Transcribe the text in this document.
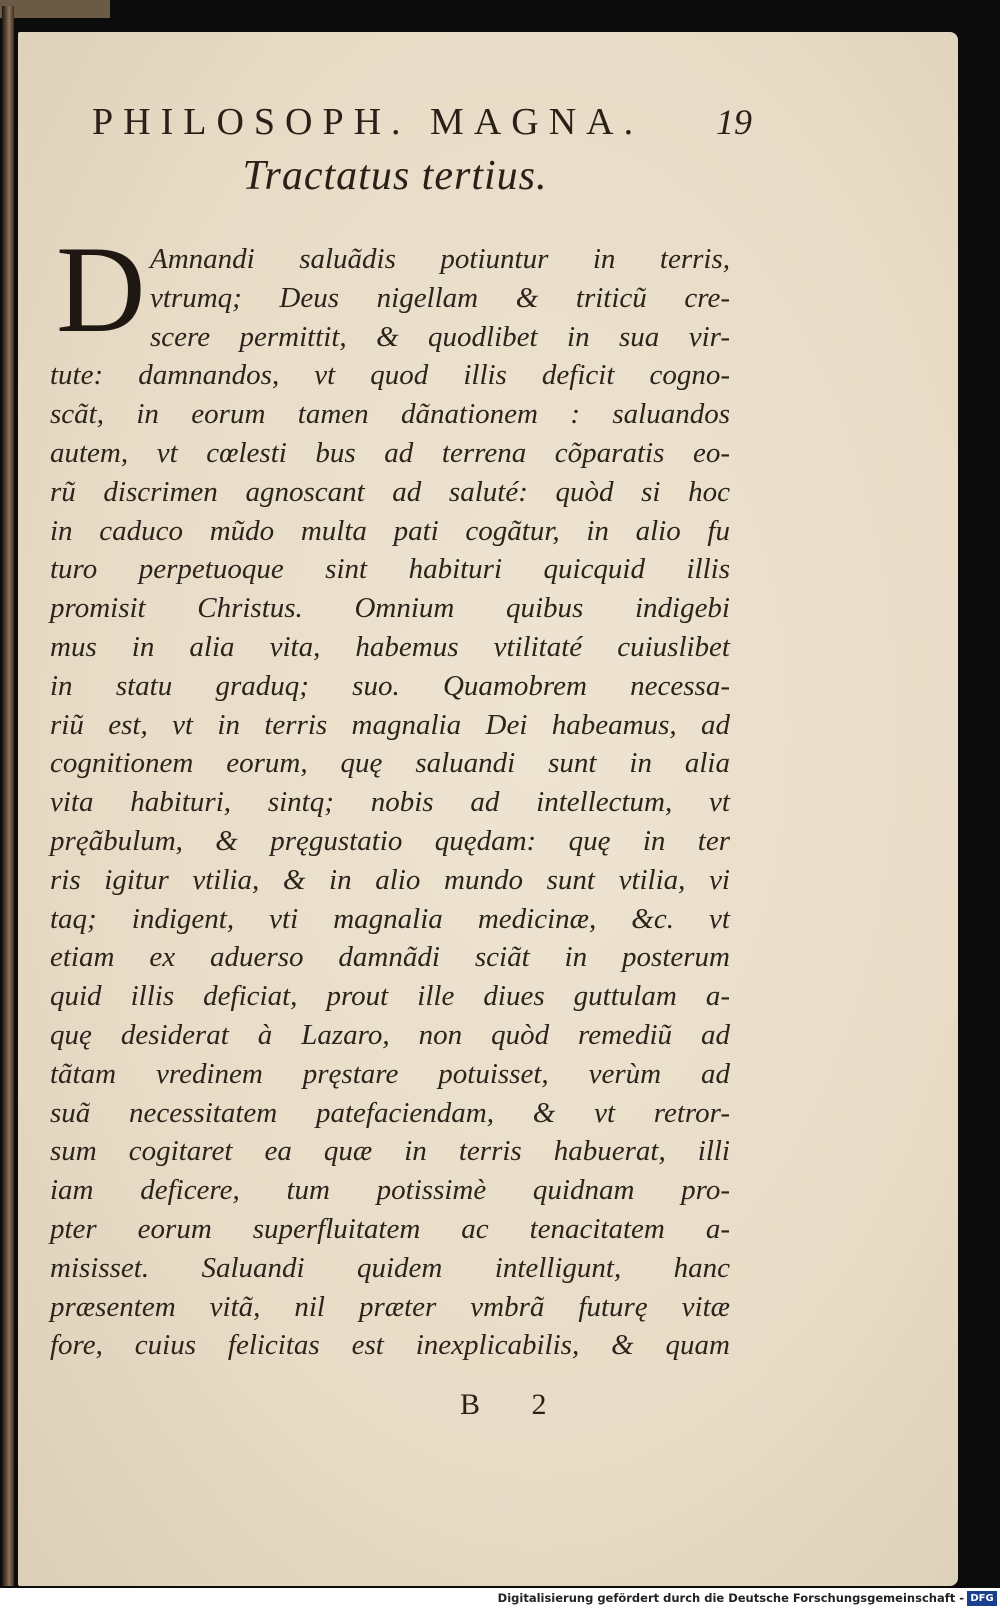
PHILOSOPH. MAGNA. 19
Tractatus tertius.
D Amnandi saluãdis potiuntur in terris,
vtrumq; Deus nigellam & triticũ cre-
scere permittit, & quodlibet in sua vir-
tute: damnandos, vt quod illis deficit cogno-
scãt, in eorum tamen dãnationem : saluandos
autem, vt cœlesti bus ad terrena cõparatis eo-
rũ discrimen agnoscant ad saluté: quòd si hoc
in caduco mũdo multa pati cogãtur, in alio fu
turo perpetuoque sint habituri quicquid illis
promisit Christus. Omnium quibus indigebi
mus in alia vita, habemus vtilitaté cuiuslibet
in statu graduq; suo. Quamobrem necessa-
riũ est, vt in terris magnalia Dei habeamus, ad
cognitionem eorum, quę saluandi sunt in alia
vita habituri, sintq; nobis ad intellectum, vt
pręãbulum, & pręgustatio quędam: quę in ter
ris igitur vtilia, & in alio mundo sunt vtilia, vi
taq; indigent, vti magnalia medicinæ, &c. vt
etiam ex aduerso damnãdi sciãt in posterum
quid illis deficiat, prout ille diues guttulam a-
quę desiderat à Lazaro, non quòd remediũ ad
tãtam vredinem pręstare potuisset, verùm ad
suã necessitatem patefaciendam, & vt retror-
sum cogitaret ea quæ in terris habuerat, illi
iam deficere, tum potissimè quidnam pro-
pter eorum superfluitatem ac tenacitatem a-
misisset. Saluandi quidem intelligunt, hanc
præsentem vitã, nil præter vmbrã futurę vitæ
fore, cuius felicitas est inexplicabilis, & quam
B 2
Digitalisierung gefördert durch die Deutsche Forschungsgemeinschaft - DFG
